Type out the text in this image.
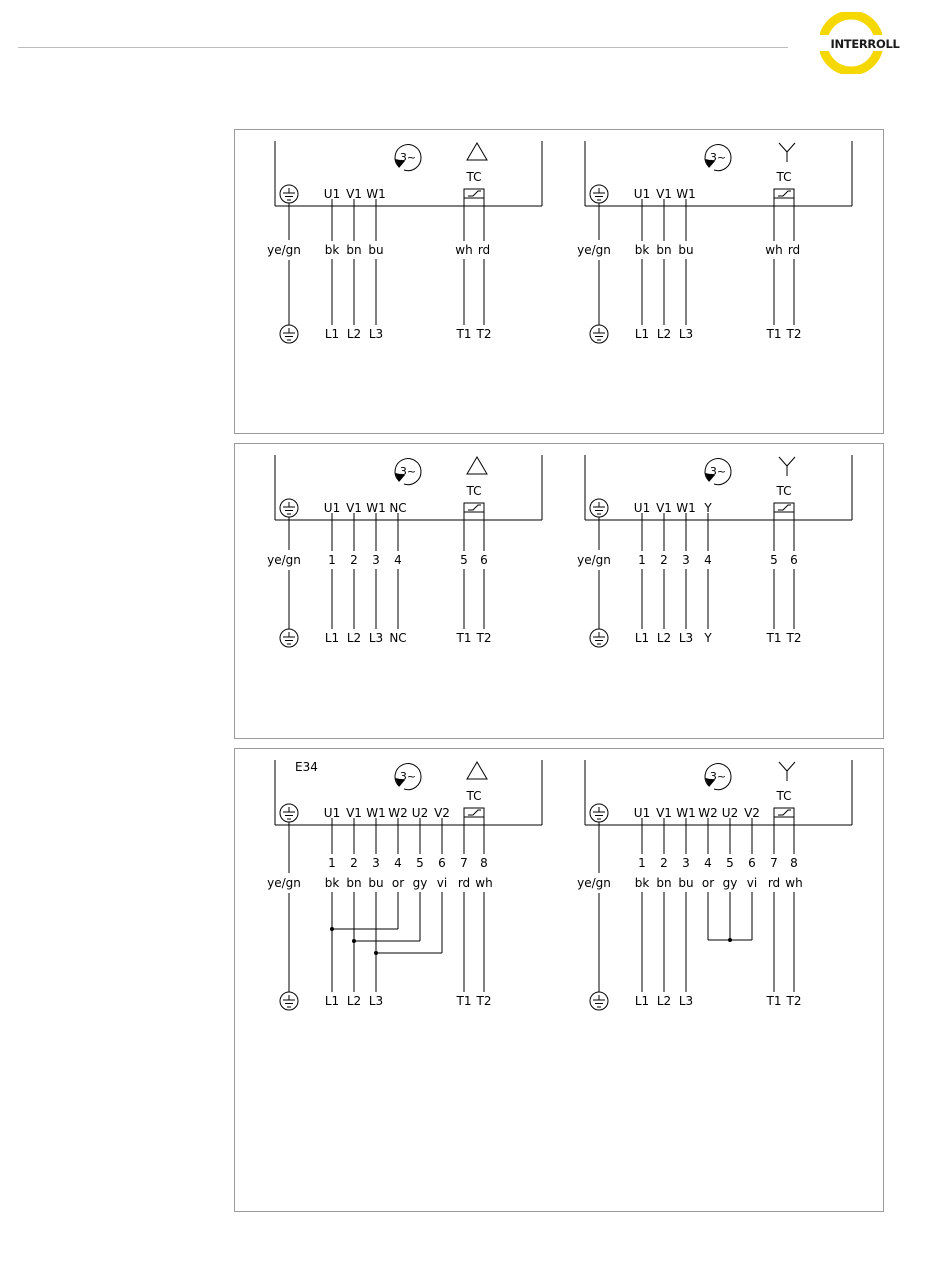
INTERROLL
3~
TC
ye/gn
U1 V1 W1
bk
L1
bn
L2
bu
L3
wh
T1
rd
T2
3~
TC
ye/gn
U1 V1 W1
bk
L1
bn
L2
bu
L3
wh
T1
rd
T2
3~
TC
ye/gn
U1 V1 W1 NC
1
L1
2
L2
3
L3
4
NC
5
T1
6
T2
3~
TC
ye/gn
U1 V1 W1 Y
1
L1
2
L2
3
L3
4
Y
5
T1
6
T2
E34
3~
TC
ye/gn
U1 V1 W1 W2 U2 V2
1
bk
2
bn
3
bu
4
or
5
gy
6
vi
L1 L2 L3
7
rd
T1
8
wh
T2
3~
TC
ye/gn
U1 V1 W1 W2 U2 V2
1
bk
2
bn
3
bu
4
or
5
gy
6
vi
L1 L2 L3
7
rd
T1
8
wh
T2
